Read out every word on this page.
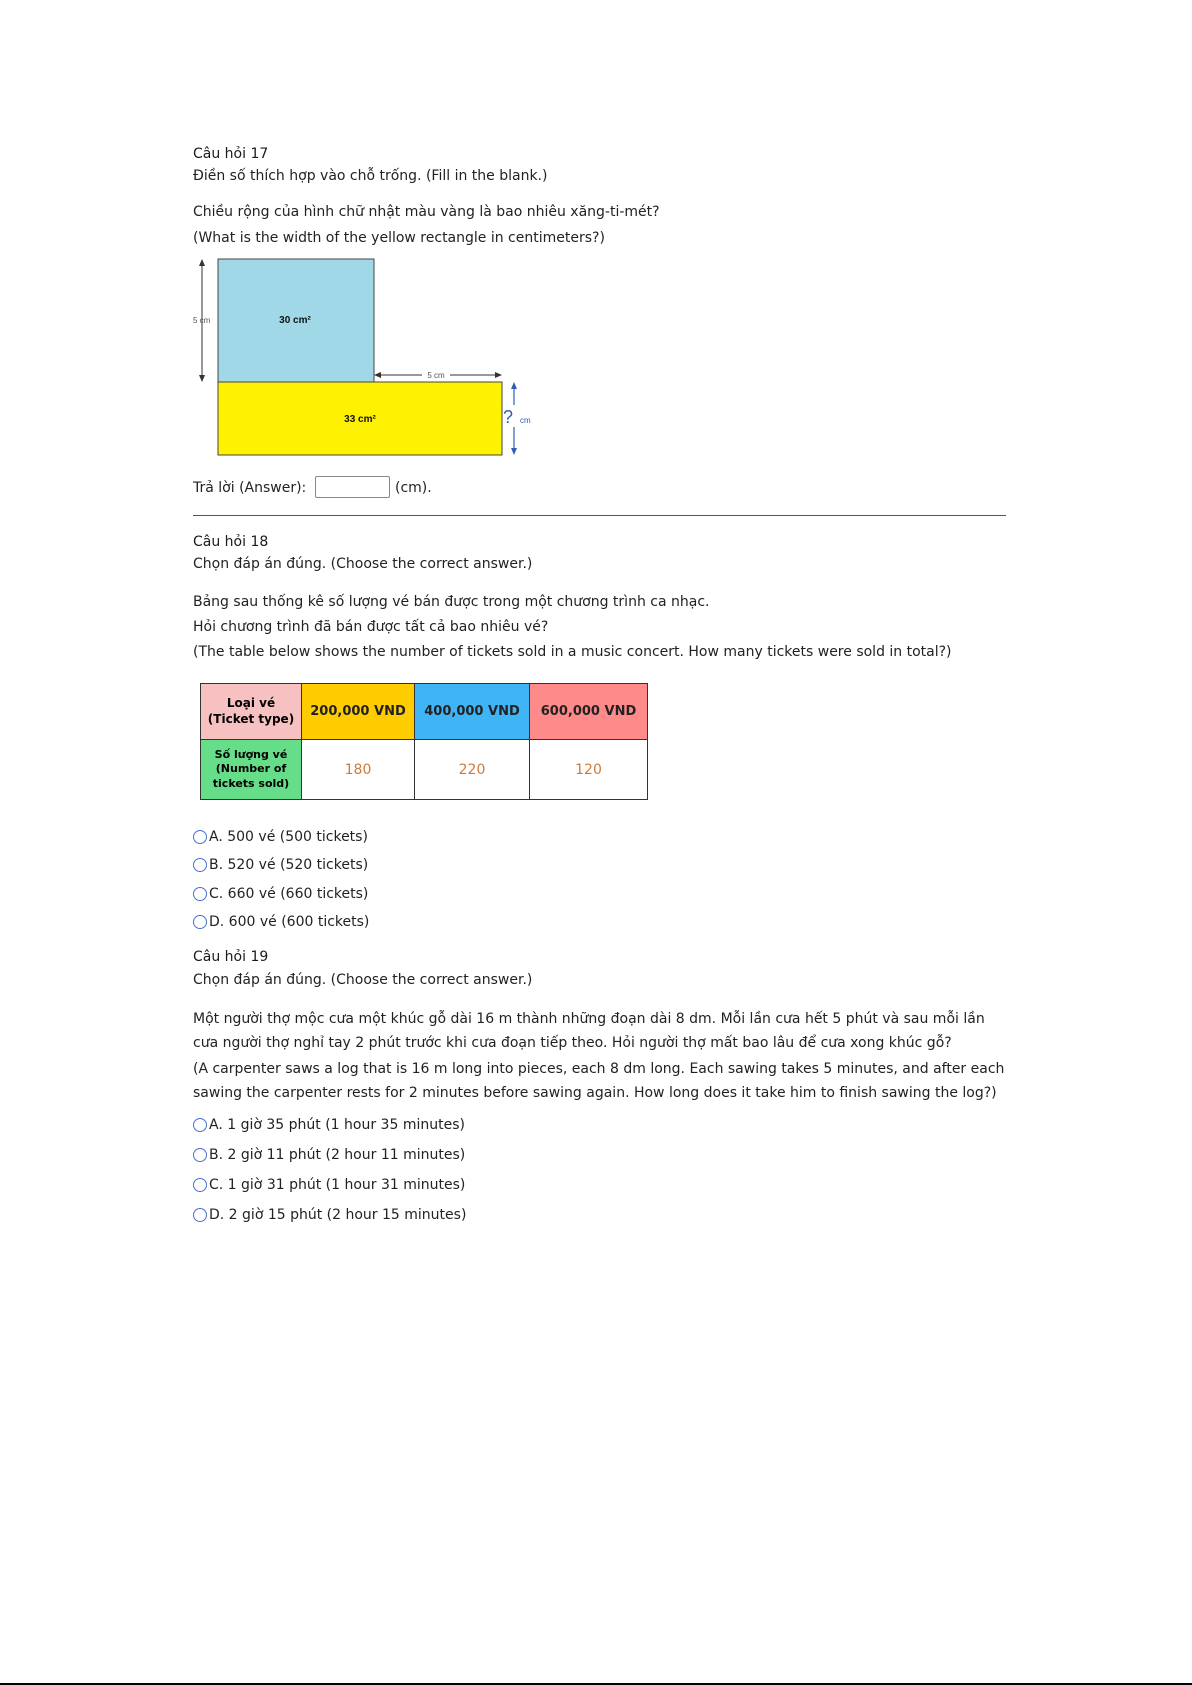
Câu hỏi 17
Điền số thích hợp vào chỗ trống. (Fill in the blank.)
Chiều rộng của hình chữ nhật màu vàng là bao nhiêu xăng-ti-mét?
(What is the width of the yellow rectangle in centimeters?)
5 cm	30 cm²
5 cm
33 cm²	? cm
Trả lời (Answer):	(cm).
Câu hỏi 18
Chọn đáp án đúng. (Choose the correct answer.)
Bảng sau thống kê số lượng vé bán được trong một chương trình ca nhạc.
Hỏi chương trình đã bán được tất cả bao nhiêu vé?
(The table below shows the number of tickets sold in a music concert. How many tickets were sold in total?)
Loại vé
(Ticket type)	200,000 VND	400,000 VND	600,000 VND

Số lượng vé
(Number of
tickets sold)	180	220	120
A. 500 vé (500 tickets)
B. 520 vé (520 tickets)
C. 660 vé (660 tickets)
D. 600 vé (600 tickets)
Câu hỏi 19
Chọn đáp án đúng. (Choose the correct answer.)
Một người thợ mộc cưa một khúc gỗ dài 16 m thành những đoạn dài 8 dm. Mỗi lần cưa hết 5 phút và sau mỗi lần
cưa người thợ nghỉ tay 2 phút trước khi cưa đoạn tiếp theo. Hỏi người thợ mất bao lâu để cưa xong khúc gỗ?
(A carpenter saws a log that is 16 m long into pieces, each 8 dm long. Each sawing takes 5 minutes, and after each
sawing the carpenter rests for 2 minutes before sawing again. How long does it take him to finish sawing the log?)
A. 1 giờ 35 phút (1 hour 35 minutes)
B. 2 giờ 11 phút (2 hour 11 minutes)
C. 1 giờ 31 phút (1 hour 31 minutes)
D. 2 giờ 15 phút (2 hour 15 minutes)
